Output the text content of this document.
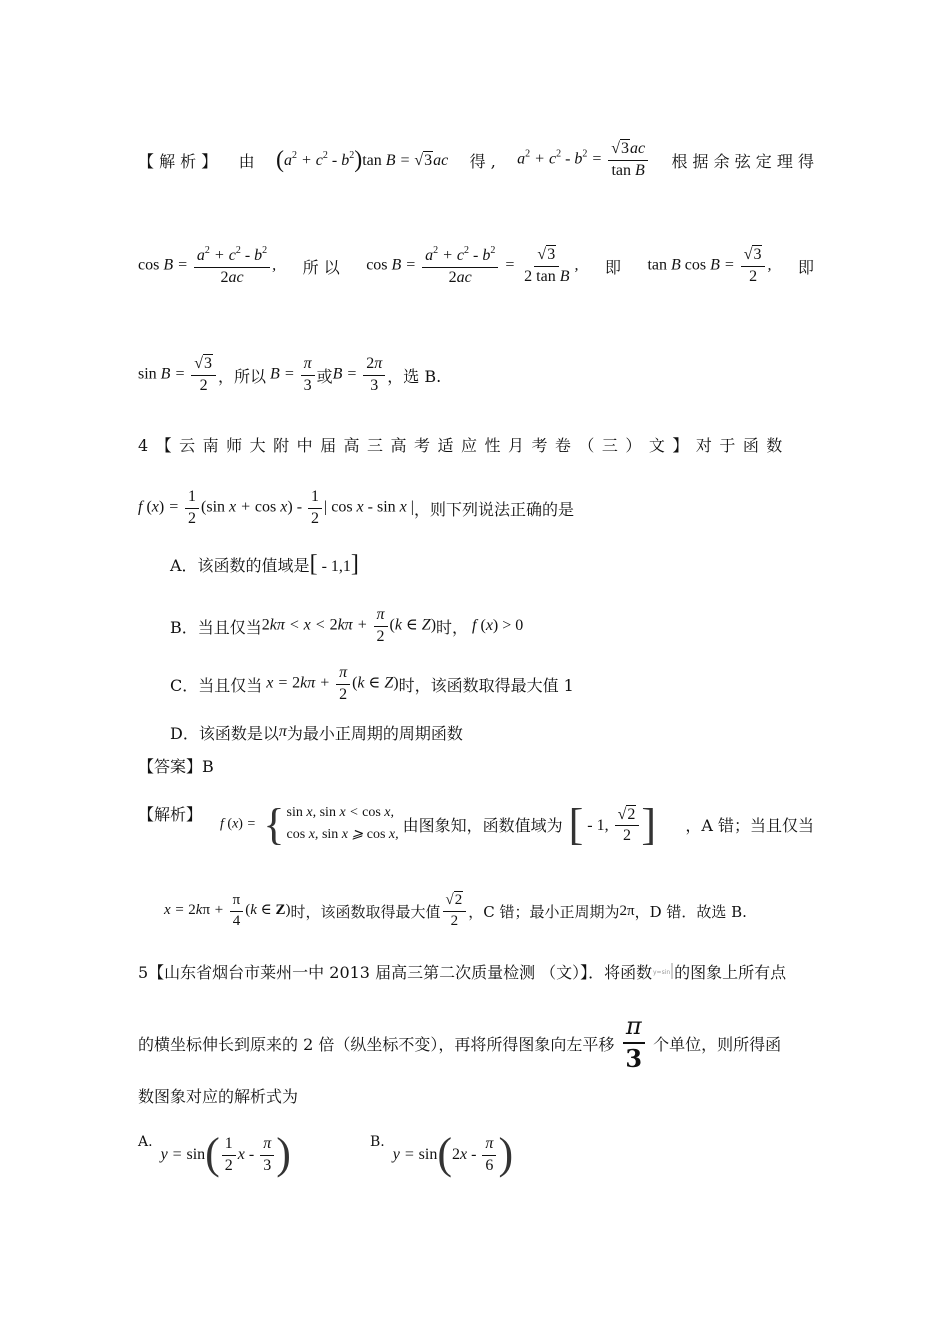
【 解 析 】 由 $(a^2 + c^2 - b^2)\tan$ B = √ 3ac 得 , $a^2 + c^2 - b^2$ = √ $\frac{3ac}{\text{tan B}}$ 根 据 余 弦 定 理 得
$\cos B = \frac{a^2 + c^2 - b^2}{2ac}$ , 所 以 $\cos B = \frac{a^2 + c^2 - b^2}{2ac}$ = √ $\frac{3}{\text{2 tan B}}$ , 即 tan B cos B = √ $\frac{3}{2}$ , 即
sin B = √ $\frac{3}{2}$ ，所以 $B = \frac{\pi}{3}$ 或 $B = \frac{2\pi}{3}$ ，选 B.
4 【 云 南 师 大 附 中 届 高 三 高 考 适 应 性 月 考 卷 （ 三 ） 文 】 对 于 函 数
f $(x) = \frac{1}{2} (\sin$ $x + \cos x) - \frac{1}{2}$ | cos x - sin x | ，则下列说法正确的是
A．该函数的值域是 [ - 1,1]
B．当且仅当 $2k\pi < x < 2k\pi + \frac{\pi}{2} (k$ ∈ Z) 时， f (x) > 0
C．当且仅当 $x = 2k\pi + \frac{\pi}{2} (k$ ∈ Z) 时，该函数取得最大值 1
D．该函数是以 π 为最小正周期的周期函数
【答案】B
【解析】 f (x) = { sin x, sin x < cos x,
cos x, sin x ⩾ cos x, 由图象知，函数值域为 [ - 1, √ $\frac{2}{2}$ ] ，A 错；当且仅当
$x = 2k\pi + \frac{\pi}{4} (k$ ∈ Z) 时，该函数取得最大值 √ $\frac{2}{2}$ ，C 错；最小正周期为 2π ，D 错．故选 B.
5【山东省烟台市莱州一中 2013 届高三第二次质量检测 （文）】．将函数 y=sin 的图象上所有点
的横坐标伸长到原来的 2 倍（纵坐标不变），再将所得图象向左平移 $\frac{\pi}{3}$ 个单位，则所得函
数图象对应的解析式为
A.
$y = \sin( \frac{1}{2}$ x - $\frac{\pi}{3}$ )	B.
$y = \sin(2x - \frac{\pi}{6}$ )
